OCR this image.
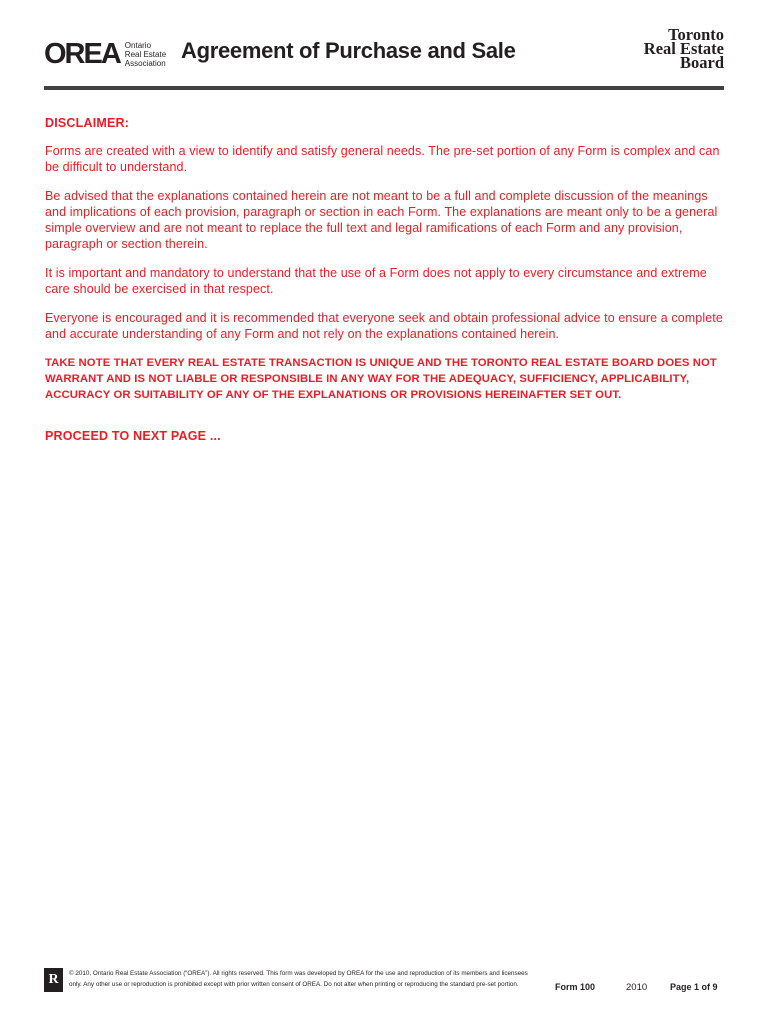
OREA Ontario
Real Estate
Association Agreement of Purchase and Sale
Toronto
Real Estate
Board
DISCLAIMER:

Forms are created with a view to identify and satisfy general needs. The pre-set portion of any Form is complex and can be difficult to understand.

Be advised that the explanations contained herein are not meant to be a full and complete discussion of the meanings and implications of each provision, paragraph or section in each Form. The explanations are meant only to be a general simple overview and are not meant to replace the full text and legal ramifications of each Form and any provision, paragraph or section therein.

It is important and mandatory to understand that the use of a Form does not apply to every circumstance and extreme care should be exercised in that respect.

Everyone is encouraged and it is recommended that everyone seek and obtain professional advice to ensure a complete and accurate understanding of any Form and not rely on the explanations contained herein.

TAKE NOTE THAT EVERY REAL ESTATE TRANSACTION IS UNIQUE AND THE TORONTO REAL ESTATE BOARD DOES NOT WARRANT AND IS NOT LIABLE OR RESPONSIBLE IN ANY WAY FOR THE ADEQUACY, SUFFICIENCY, APPLICABILITY, ACCURACY OR SUITABILITY OF ANY OF THE EXPLANATIONS OR PROVISIONS HEREINAFTER SET OUT.

PROCEED TO NEXT PAGE ...

R © 2010, Ontario Real Estate Association (“OREA”). All rights reserved. This form was developed by OREA for the use and reproduction of its members and licensees
only. Any other use or reproduction is prohibited except with prior written consent of OREA. Do not alter when printing or reproducing the standard pre-set portion.	Form 100	2010	Page 1 of 9
